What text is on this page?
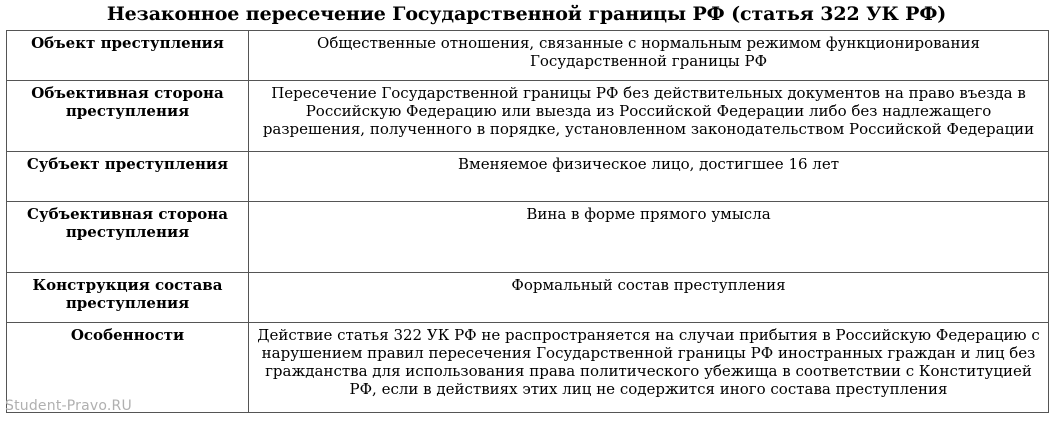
Незаконное пересечение Государственной границы РФ (статья 322 УК РФ)
Объект преступления	Общественные отношения, связанные с нормальным режимом функционирования Государственной границы РФ
Объективная сторона преступления	Пересечение Государственной границы РФ без действительных документов на право въезда в Российскую Федерацию или выезда из Российской Федерации либо без надлежащего разрешения, полученного в порядке, установленном законодательством Российской Федерации
Субъект преступления	Вменяемое физическое лицо, достигшее 16 лет
Субъективная сторона преступления	Вина в форме прямого умысла
Конструкция состава преступления	Формальный состав преступления
Особенности	Действие статья 322 УК РФ не распространяется на случаи прибытия в Российскую Федерацию с нарушением правил пересечения Государственной границы РФ иностранных граждан и лиц без гражданства для использования права политического убежища в соответствии с Конституцией РФ, если в действиях этих лиц не содержится иного состава преступления
Student-Pravo.RU
